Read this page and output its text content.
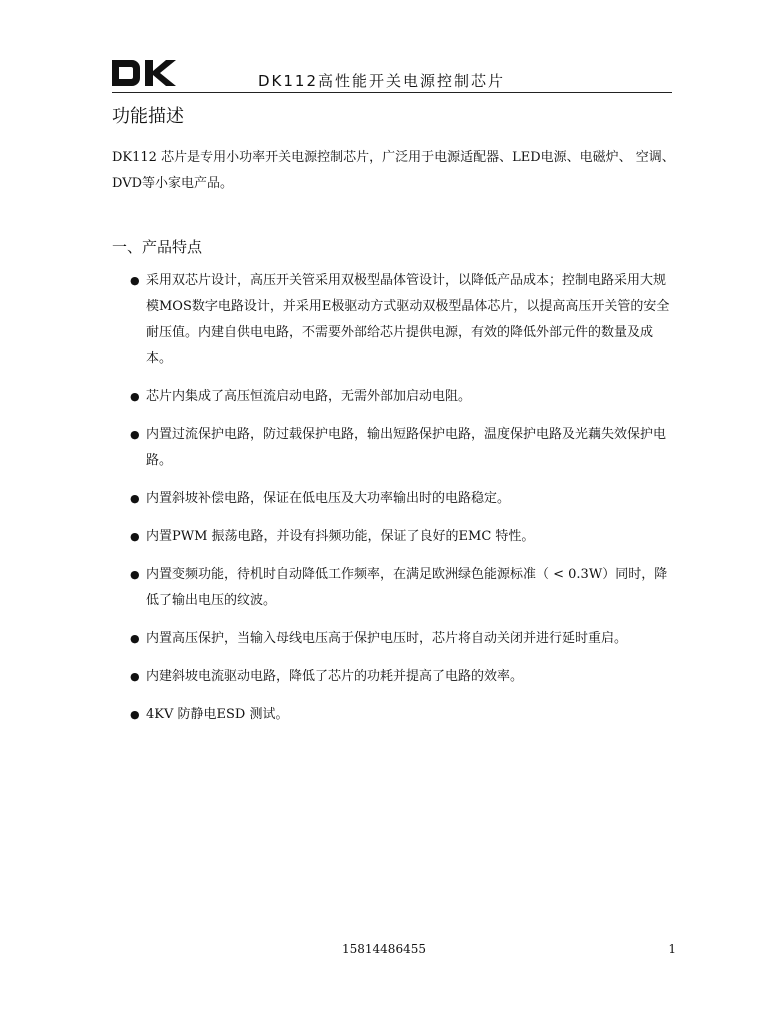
DK112高性能开关电源控制芯片
功能描述
DK112 芯片是专用小功率开关电源控制芯片，广泛用于电源适配器、LED电源、电磁炉、 空调、DVD等小家电产品。
一、产品特点
● 采用双芯片设计，高压开关管采用双极型晶体管设计，以降低产品成本；控制电路采用大规模MOS数字电路设计，并采用E极驱动方式驱动双极型晶体芯片，以提高高压开关管的安全耐压值。内建自供电电路，不需要外部给芯片提供电源，有效的降低外部元件的数量及成本。
● 芯片内集成了高压恒流启动电路，无需外部加启动电阻。
● 内置过流保护电路，防过载保护电路，输出短路保护电路，温度保护电路及光藕失效保护电路。
● 内置斜坡补偿电路，保证在低电压及大功率输出时的电路稳定。
● 内置PWM 振荡电路，并设有抖频功能，保证了良好的EMC 特性。
● 内置变频功能，待机时自动降低工作频率，在满足欧洲绿色能源标准（ < 0.3W）同时，降低了输出电压的纹波。
● 内置高压保护，当输入母线电压高于保护电压时，芯片将自动关闭并进行延时重启。
● 内建斜坡电流驱动电路，降低了芯片的功耗并提高了电路的效率。
● 4KV 防静电ESD 测试。
15814486455	1
